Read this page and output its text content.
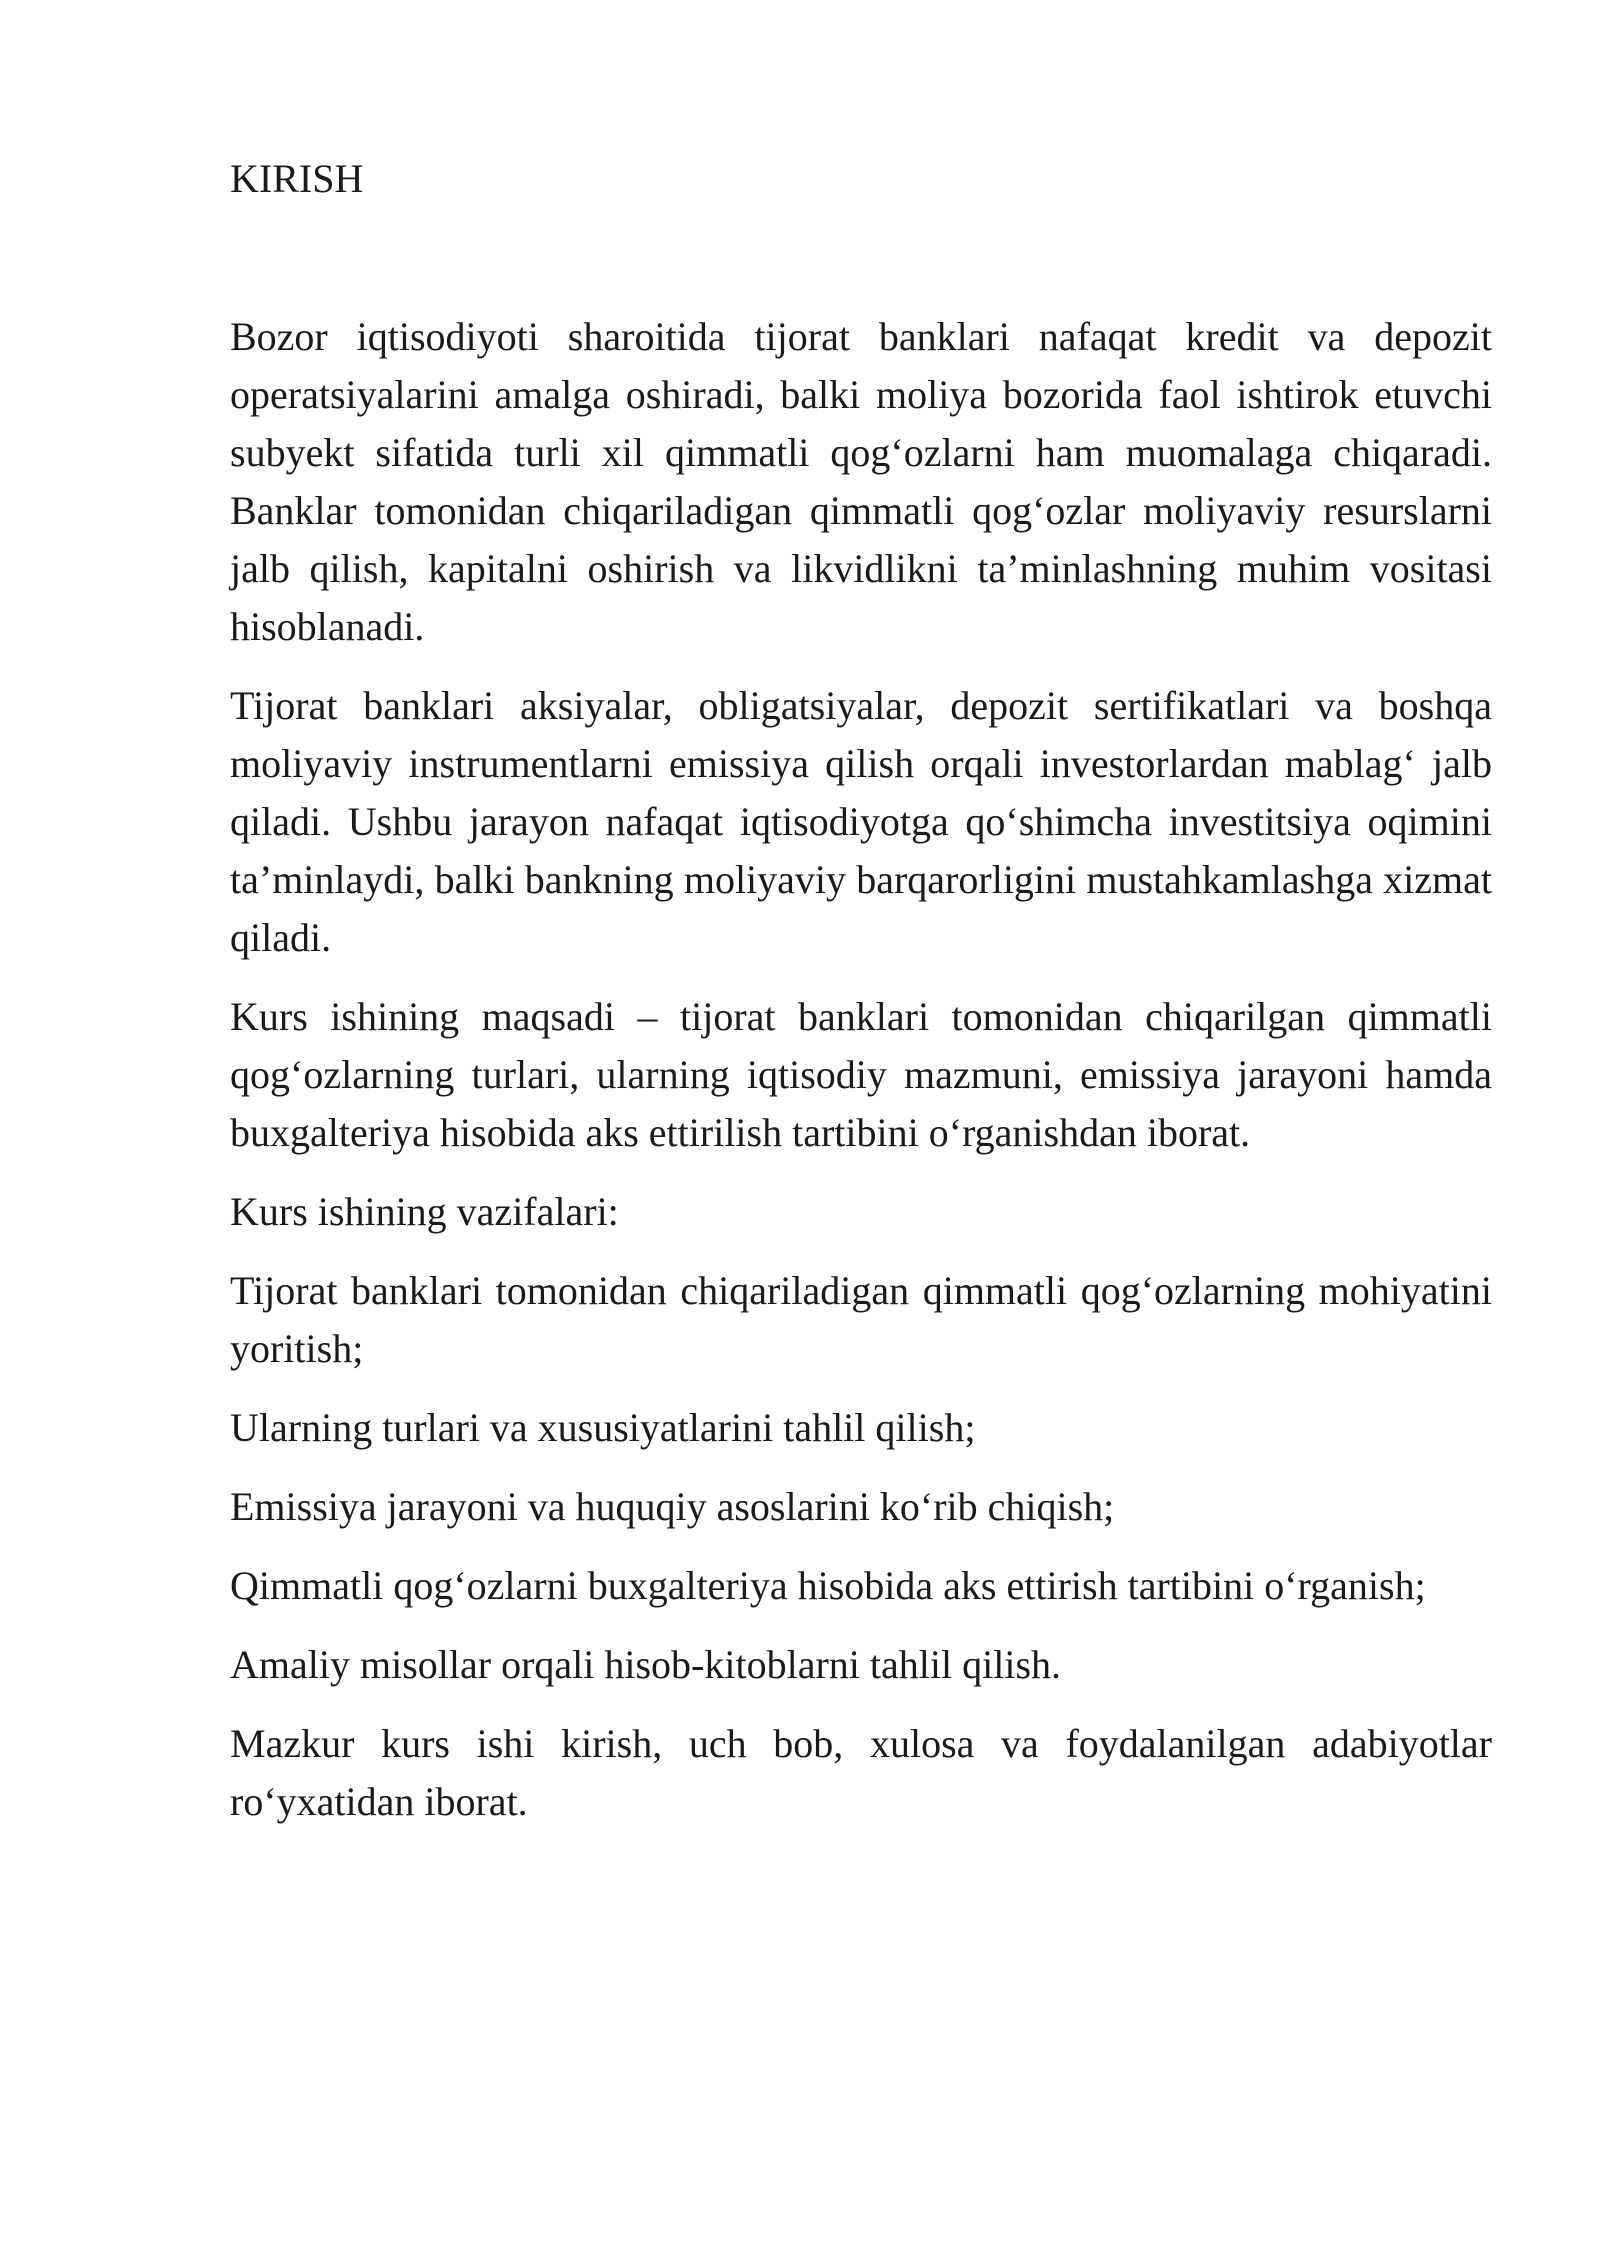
KIRISH

Bozor iqtisodiyoti sharoitida tijorat banklari nafaqat kredit va depozit operatsiyalarini amalga oshiradi, balki moliya bozorida faol ishtirok etuvchi subyekt sifatida turli xil qimmatli qog‘ozlarni ham muomalaga chiqaradi. Banklar tomonidan chiqariladigan qimmatli qog‘ozlar moliyaviy resurslarni jalb qilish, kapitalni oshirish va likvidlikni ta’minlashning muhim vositasi hisoblanadi.

Tijorat banklari aksiyalar, obligatsiyalar, depozit sertifikatlari va boshqa moliyaviy instrumentlarni emissiya qilish orqali investorlardan mablag‘ jalb qiladi. Ushbu jarayon nafaqat iqtisodiyotga qo‘shimcha investitsiya oqimini ta’minlaydi, balki bankning moliyaviy barqarorligini mustahkamlashga xizmat qiladi.

Kurs ishining maqsadi – tijorat banklari tomonidan chiqarilgan qimmatli qog‘ozlarning turlari, ularning iqtisodiy mazmuni, emissiya jarayoni hamda buxgalteriya hisobida aks ettirilish tartibini o‘rganishdan iborat.

Kurs ishining vazifalari:

Tijorat banklari tomonidan chiqariladigan qimmatli qog‘ozlarning mohiyatini yoritish;

Ularning turlari va xususiyatlarini tahlil qilish;

Emissiya jarayoni va huquqiy asoslarini ko‘rib chiqish;

Qimmatli qog‘ozlarni buxgalteriya hisobida aks ettirish tartibini o‘rganish;

Amaliy misollar orqali hisob-kitoblarni tahlil qilish.

Mazkur kurs ishi kirish, uch bob, xulosa va foydalanilgan adabiyotlar ro‘yxatidan iborat.
